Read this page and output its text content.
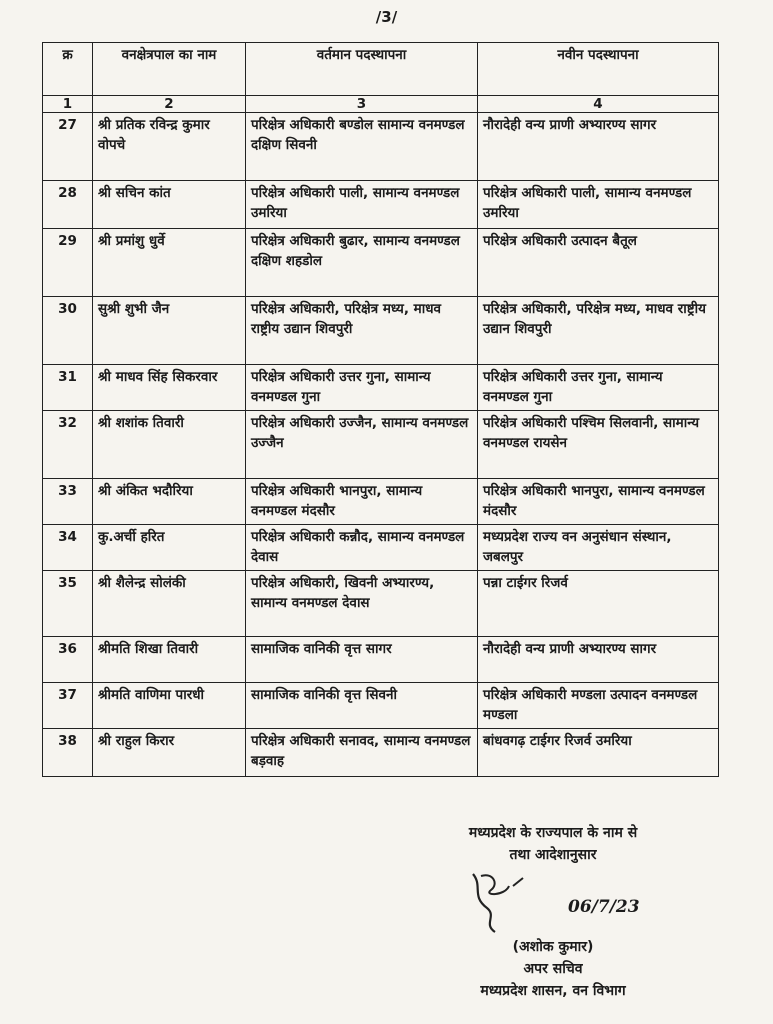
/3/
क्र	वनक्षेत्रपाल का नाम	वर्तमान पदस्थापना	नवीन पदस्थापना
1	2	3	4
27	श्री प्रतिक रविन्द्र कुमार वोपचे	परिक्षेत्र अधिकारी बण्डोल सामान्य वनमण्डल दक्षिण सिवनी	नौरादेही वन्य प्राणी अभ्यारण्य सागर
28	श्री सचिन कांत	परिक्षेत्र अधिकारी पाली, सामान्य वनमण्डल उमरिया	परिक्षेत्र अधिकारी पाली, सामान्य वनमण्डल उमरिया
29	श्री प्रमांशु धुर्वे	परिक्षेत्र अधिकारी बुढार, सामान्य वनमण्डल दक्षिण शहडोल	परिक्षेत्र अधिकारी उत्पादन बैतूल
30	सुश्री शुभी जैन	परिक्षेत्र अधिकारी, परिक्षेत्र मध्य, माधव राष्ट्रीय उद्यान शिवपुरी	परिक्षेत्र अधिकारी, परिक्षेत्र मध्य, माधव राष्ट्रीय उद्यान शिवपुरी
31	श्री माधव सिंह सिकरवार	परिक्षेत्र अधिकारी उत्तर गुना, सामान्य वनमण्डल गुना	परिक्षेत्र अधिकारी उत्तर गुना, सामान्य वनमण्डल गुना
32	श्री शशांक तिवारी	परिक्षेत्र अधिकारी उज्जैन, सामान्य वनमण्डल उज्जैन	परिक्षेत्र अधिकारी पश्चिम सिलवानी, सामान्य वनमण्डल रायसेन
33	श्री अंकित भदौरिया	परिक्षेत्र अधिकारी भानपुरा, सामान्य वनमण्डल मंदसौर	परिक्षेत्र अधिकारी भानपुरा, सामान्य वनमण्डल मंदसौर
34	कु.अर्ची हरित	परिक्षेत्र अधिकारी कन्नौद, सामान्य वनमण्डल देवास	मध्यप्रदेश राज्य वन अनुसंधान संस्थान, जबलपुर
35	श्री शैलेन्द्र सोलंकी	परिक्षेत्र अधिकारी, खिवनी अभ्यारण्य, सामान्य वनमण्डल देवास	पन्ना टाईगर रिजर्व
36	श्रीमति शिखा तिवारी	सामाजिक वानिकी वृत्त सागर	नौरादेही वन्य प्राणी अभ्यारण्य सागर
37	श्रीमति वाणिमा पारधी	सामाजिक वानिकी वृत्त सिवनी	परिक्षेत्र अधिकारी मण्डला उत्पादन वनमण्डल मण्डला
38	श्री राहुल किरार	परिक्षेत्र अधिकारी सनावद, सामान्य वनमण्डल बड़वाह	बांधवगढ़ टाईगर रिजर्व उमरिया
मध्यप्रदेश के राज्यपाल के नाम से
तथा आदेशानुसार
06/7/23
(अशोक कुमार)
अपर सचिव
मध्यप्रदेश शासन, वन विभाग
